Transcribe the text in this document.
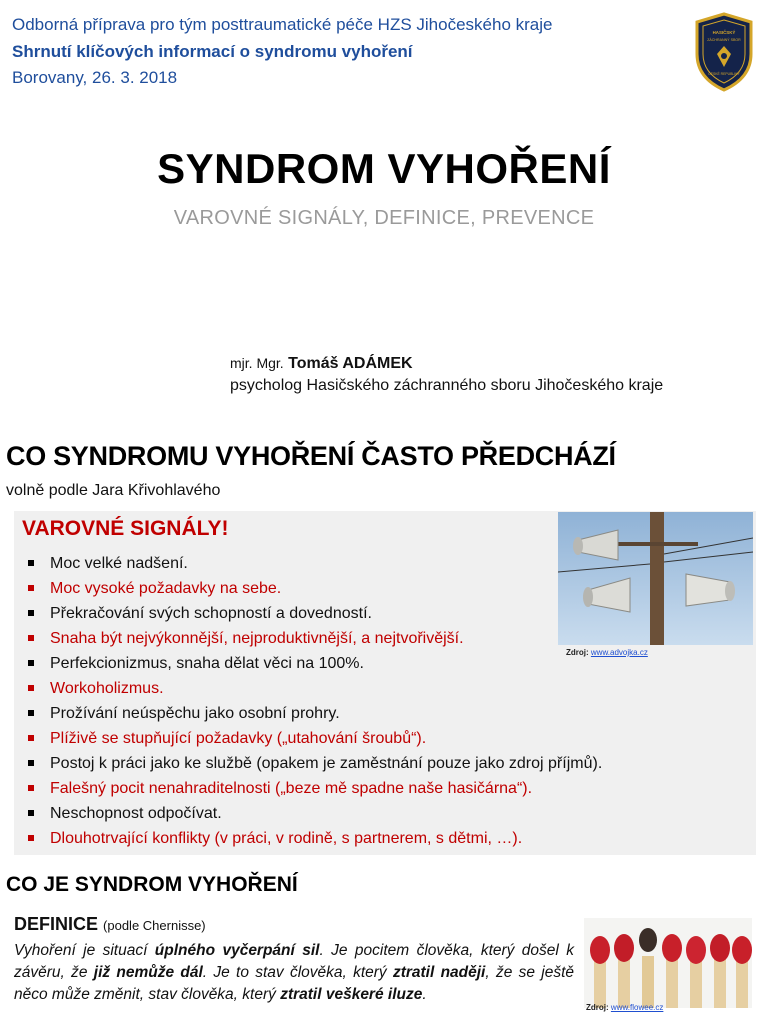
Odborná příprava pro tým posttraumatické péče HZS Jihočeského kraje
Shrnutí klíčových informací o syndromu vyhoření
Borovany, 26. 3. 2018
HASIČSKÝ
ZÁCHRANNÝ SBOR
ČESKÉ REPUBLIKY
SYNDROM VYHOŘENÍ
VAROVNÉ SIGNÁLY, DEFINICE, PREVENCE
mjr. Mgr. Tomáš ADÁMEK
psycholog Hasičského záchranného sboru Jihočeského kraje
CO SYNDROMU VYHOŘENÍ ČASTO PŘEDCHÁZÍ
volně podle Jara Křivohlavého
VAROVNÉ SIGNÁLY!
Moc velké nadšení.
Moc vysoké požadavky na sebe.
Překračování svých schopností a dovedností.
Snaha být nejvýkonnější, nejproduktivnější, a nejtvořivější.
Perfekcionizmus, snaha dělat věci na 100%.
Workoholizmus.
Prožívání neúspěchu jako osobní prohry.
Plíživě se stupňující požadavky („utahování šroubů“).
Postoj k práci jako ke službě (opakem je zaměstnání pouze jako zdroj příjmů).
Falešný pocit nenahraditelnosti („beze mě spadne naše hasičárna“).
Neschopnost odpočívat.
Dlouhotrvající konflikty (v práci, v rodině, s partnerem, s dětmi, …).
Zdroj: www.advojka.cz
CO JE SYNDROM VYHOŘENÍ
DEFINICE (podle Chernisse)
Vyhoření je situací úplného vyčerpání sil. Je pocitem člověka, který došel k závěru, že již nemůže dál. Je to stav člověka, který ztratil naději, že se ještě něco může změnit, stav člověka, který ztratil veškeré iluze.
Zdroj: www.flowee.cz
